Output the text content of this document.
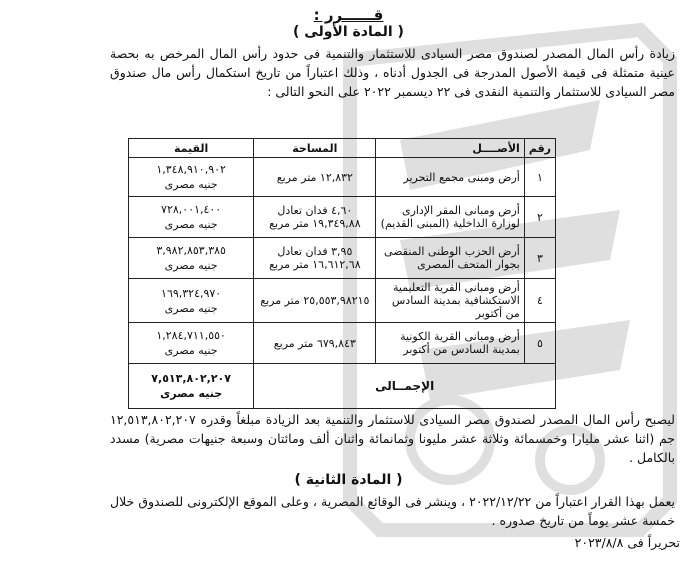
قــــــرر :
( المادة الأولى )
زيادة رأس المال المصدر لصندوق مصر السيادى للاستثمار والتنمية فى حدود رأس المال المرخص به بحصة عينية متمثلة فى قيمة الأصول المدرجة فى الجدول أدناه ، وذلك اعتباراً من تاريخ استكمال رأس مال صندوق مصر السيادى للاستثمار والتنمية النقدى فى ٢٢ ديسمبر ٢٠٢٢ على النحو التالى :
رقم	الأصــــل	المساحة	القيمة
١	أرض ومبنى مجمع التحرير	١٢,٨٣٢ متر مربع	١,٣٤٨,٩١٠,٩٠٢
جنيه مصرى

٢	أرض ومبانى المقر الإدارى لوزارة الداخلية (المبنى القديم)	٤,٦٠ فدان تعادل ١٩,٣٤٩,٨٨ متر مربع	٧٢٨,٠٠١,٤٠٠
جنيه مصرى

٣	أرض الحزب الوطنى المنقضى بجوار المتحف المصرى	٣,٩٥ فدان تعادل ١٦,٦١٢,٦٨ متر مربع	٣,٩٨٢,٨٥٣,٣٨٥
جنيه مصرى

٤	أرض ومبانى القرية التعليمية الاستكشافية بمدينة السادس من أكتوبر	٢٥,٥٥٣,٩٨٢١٥ متر مربع	١٦٩,٣٢٤,٩٧٠
جنيه مصرى

٥	أرض ومبانى القرية الكونية بمدينة السادس من أكتوبر	٦٧٩,٨٤٣ متر مربع	١,٢٨٤,٧١١,٥٥٠
جنيه مصرى

الإجمــالى			٧,٥١٣,٨٠٢,٢٠٧
جنيه مصرى
ليصبح رأس المال المصدر لصندوق مصر السيادى للاستثمار والتنمية بعد الزيادة مبلغاً وقدره ١٢,٥١٣,٨٠٢,٢٠٧ جم (اثنا عشر مليارا وخمسمائة وثلاثة عشر مليونا وثمانمائة واثنان ألف ومائتان وسبعة جنيهات مصرية) مسدد بالكامل .
( المادة الثانية )
يعمل بهذا القرار اعتباراً من ٢٠٢٢/١٢/٢٢ ، وينشر فى الوقائع المصرية ، وعلى الموقع الإلكترونى للصندوق خلال خمسة عشر يوماً من تاريخ صدوره .
تحريراً فى ٢٠٢٣/٨/٨
